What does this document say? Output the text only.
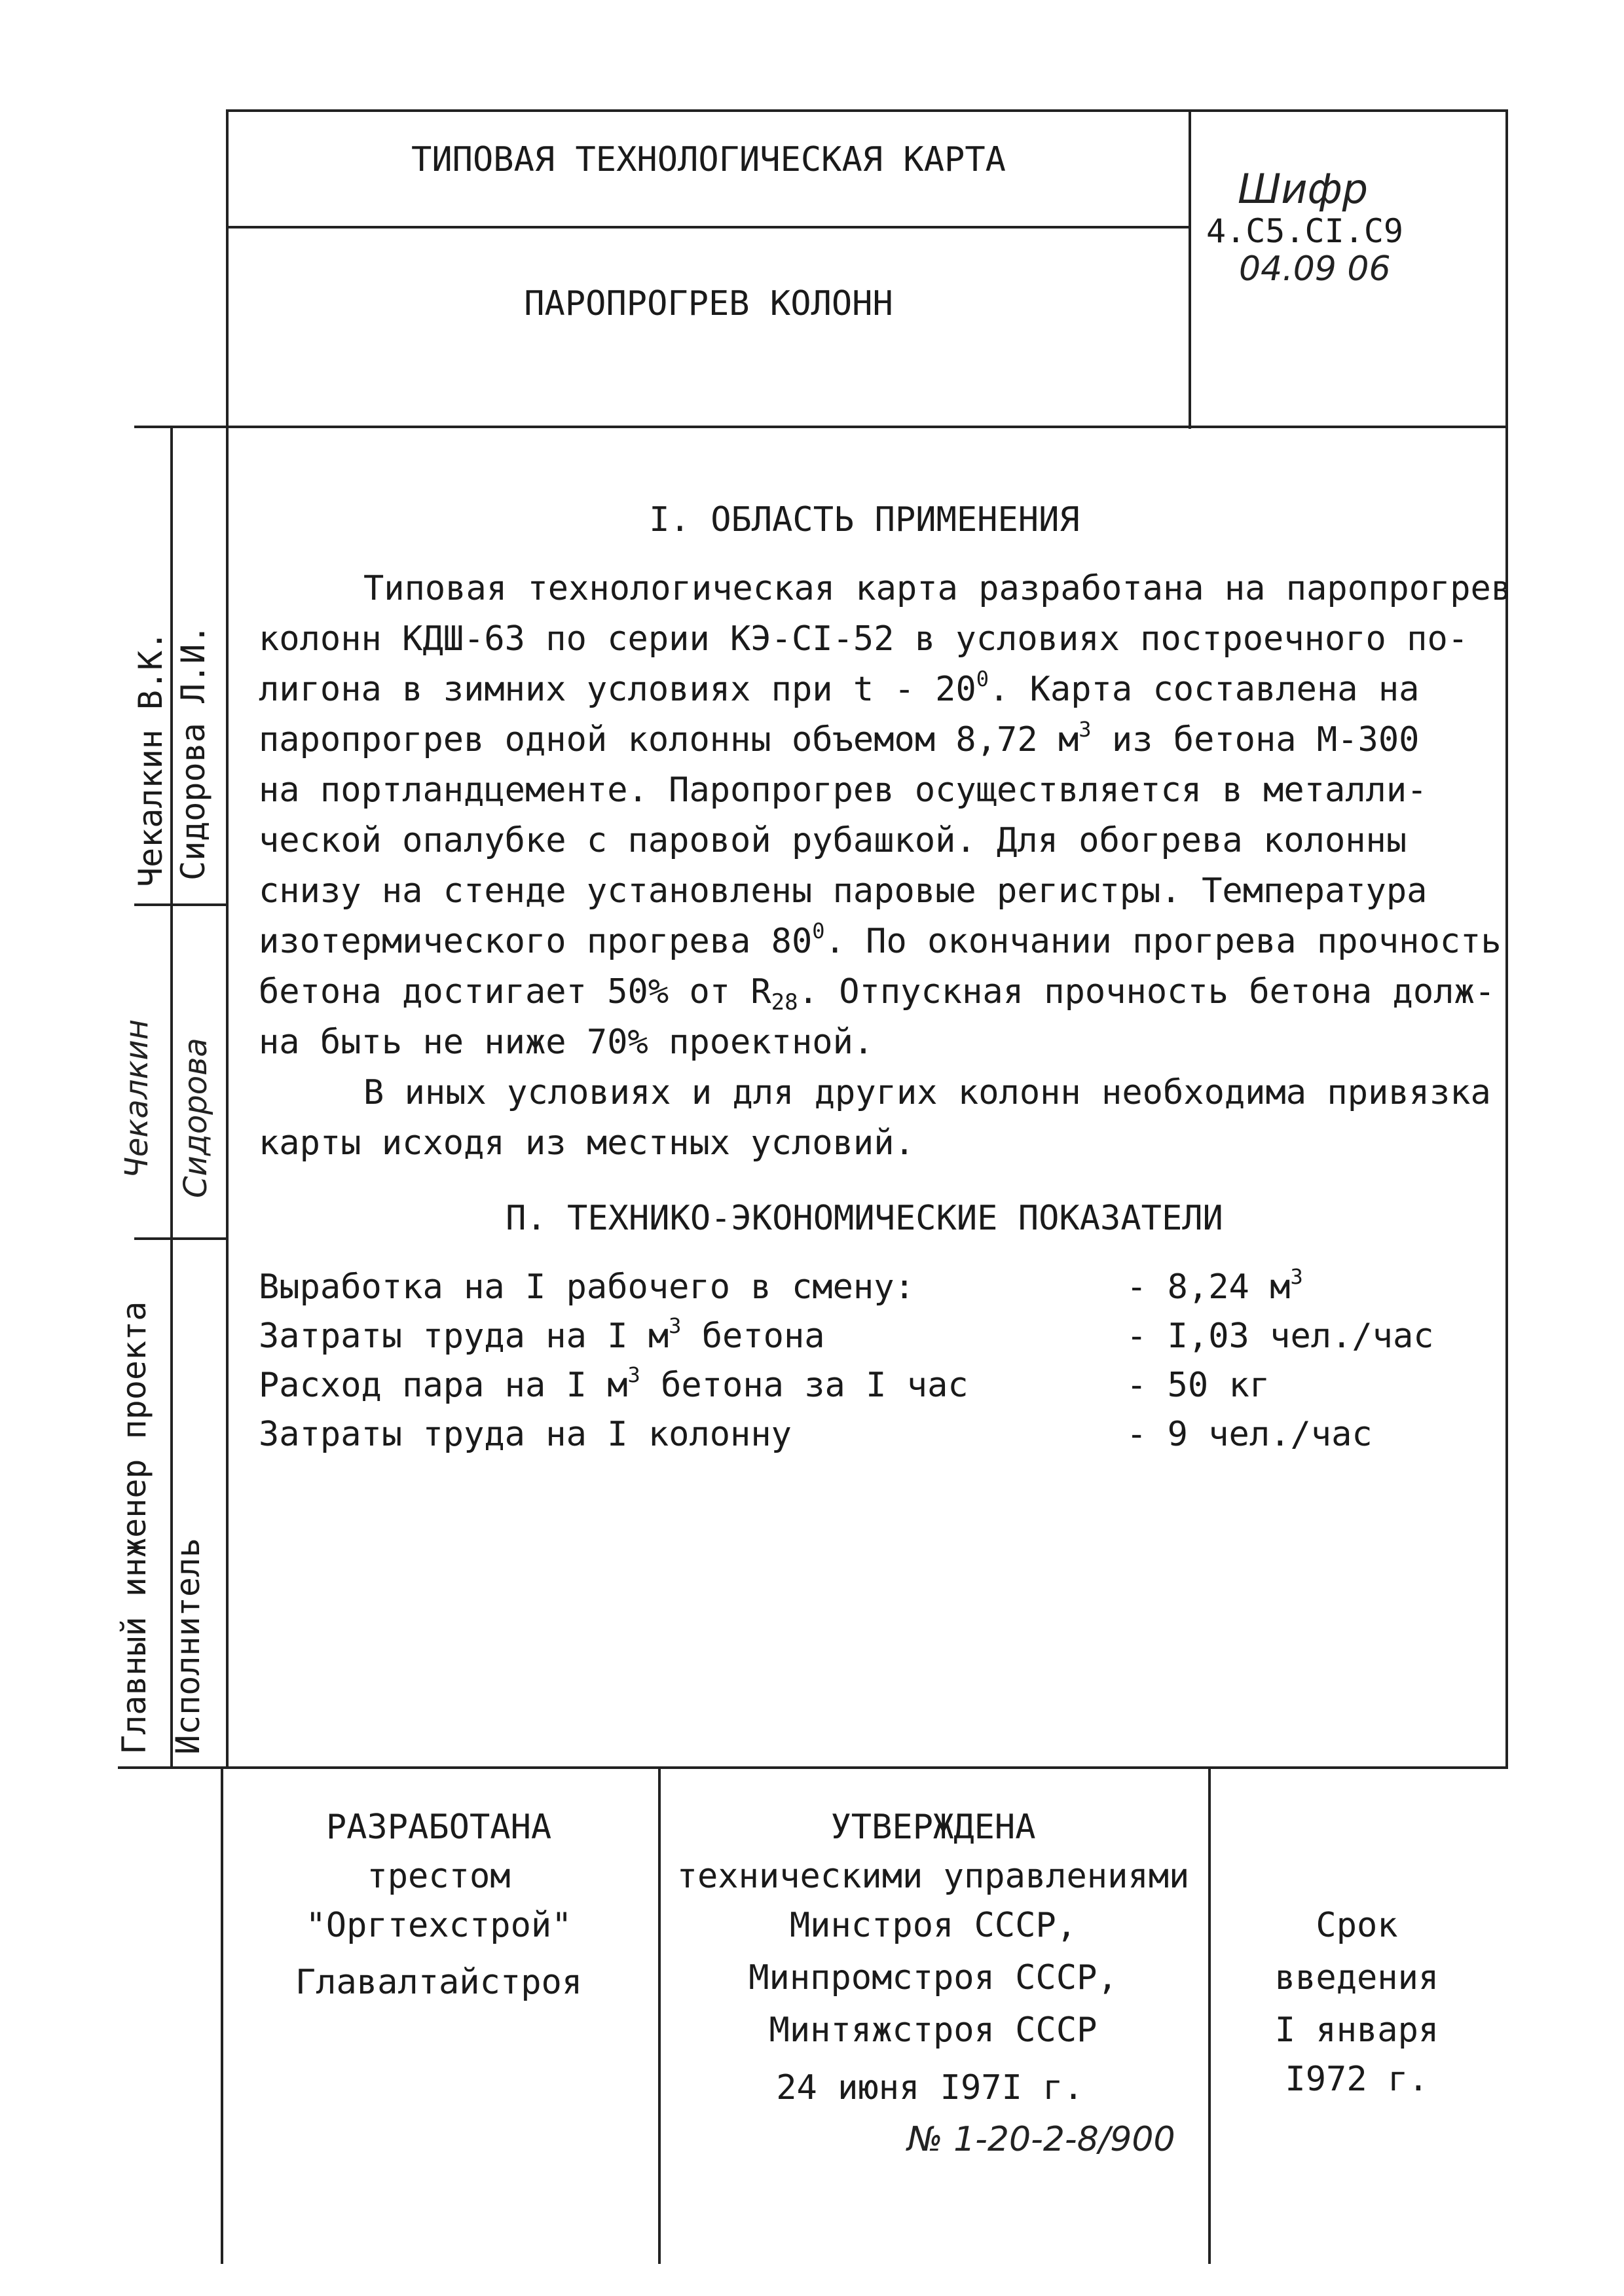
ТИПОВАЯ ТЕХНОЛОГИЧЕСКАЯ КАРТА
ПАРОПРОГРЕВ КОЛОНН
Шифр
4.С5.СI.С9
04.09 06
Чекалкин В.К. Сидорова Л.И.
Чекалкин Сидорова
Главный инженер проекта Исполнитель
I. ОБЛАСТЬ ПРИМЕНЕНИЯ
Типовая технологическая карта разработана на паропрогрев
колонн КДШ-63 по серии КЭ-СI-52 в условиях построечного по-
лигона в зимних условиях при t - $20^0$. Карта составлена на
паропрогрев одной колонны объемом 8,72 $м^3$ из бетона М-300
на портландцементе. Паропрогрев осуществляется в металли-
ческой опалубке с паровой рубашкой. Для обогрева колонны
снизу на стенде установлены паровые регистры. Температура
изотермического прогрева $80^0$. По окончании прогрева прочность
бетона достигает 50% от $R_{28}$. Отпускная прочность бетона долж-
на быть не ниже 70% проектной.
В иных условиях и для других колонн необходима привязка
карты исходя из местных условий.
П. ТЕХНИКО-ЭКОНОМИЧЕСКИЕ ПОКАЗАТЕЛИ
Выработка на I рабочего в смену:	- 8,24 $м^3$
Затраты труда на I $м^3$ бетона	- I,03 чел./час
Расход пара на I $м^3$ бетона за I час	- 50 кг
Затраты труда на I колонну	- 9 чел./час
РАЗРАБОТАНА
трестом
"Оргтехстрой"
Главалтайстроя
УТВЕРЖДЕНА
техническими управлениями
Минстроя СССР,
Минпромстроя СССР,
Минтяжстроя СССР
24 июня I97I г.
№ 1-20-2-8/900
Срок
введения
I января
I972 г.
